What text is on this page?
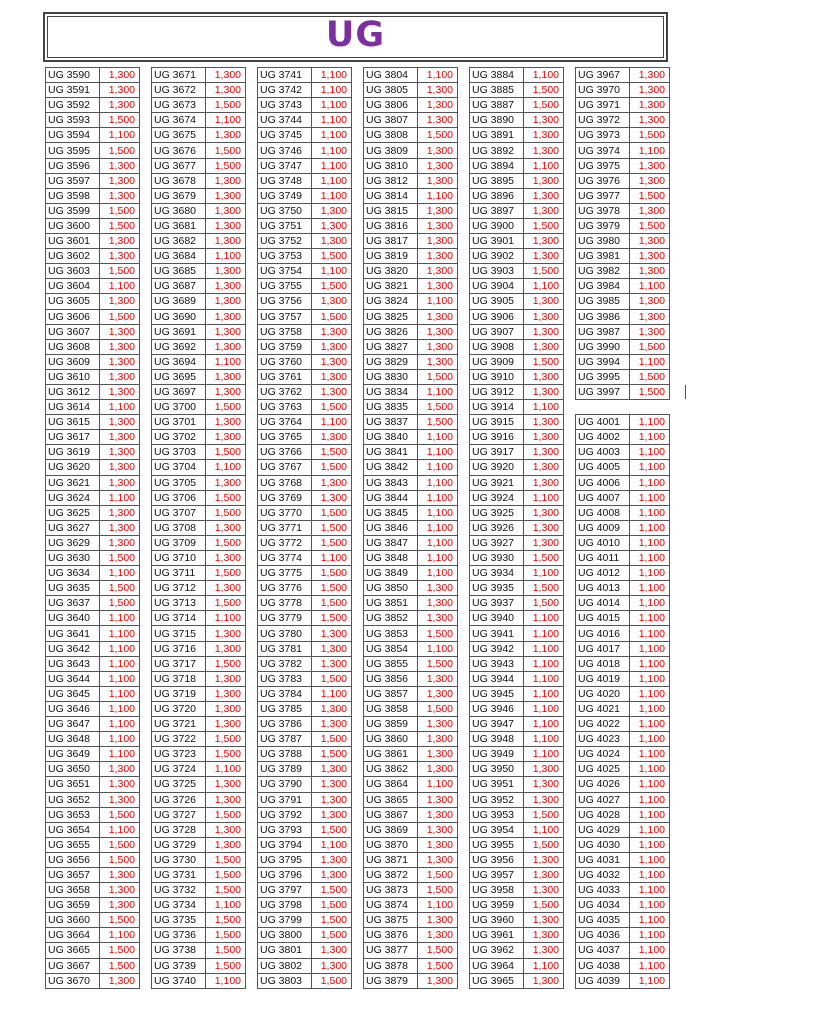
UG
UG 3590	1,300
UG 3591	1,300
UG 3592	1,300
UG 3593	1,500
UG 3594	1,100
UG 3595	1,500
UG 3596	1,300
UG 3597	1,300
UG 3598	1,300
UG 3599	1,500
UG 3600	1,500
UG 3601	1,300
UG 3602	1,300
UG 3603	1,500
UG 3604	1,100
UG 3605	1,300
UG 3606	1,500
UG 3607	1,300
UG 3608	1,300
UG 3609	1,300
UG 3610	1,300
UG 3612	1,300
UG 3614	1,100
UG 3615	1,300
UG 3617	1,300
UG 3619	1,300
UG 3620	1,300
UG 3621	1,300
UG 3624	1,100
UG 3625	1,300
UG 3627	1,300
UG 3629	1,300
UG 3630	1,500
UG 3634	1,100
UG 3635	1,500
UG 3637	1,500
UG 3640	1,100
UG 3641	1,100
UG 3642	1,100
UG 3643	1,100
UG 3644	1,100
UG 3645	1,100
UG 3646	1,100
UG 3647	1,100
UG 3648	1,100
UG 3649	1,100
UG 3650	1,300
UG 3651	1,300
UG 3652	1,300
UG 3653	1,500
UG 3654	1,100
UG 3655	1,500
UG 3656	1,500
UG 3657	1,300
UG 3658	1,300
UG 3659	1,300
UG 3660	1,500
UG 3664	1,100
UG 3665	1,500
UG 3667	1,500
UG 3670	1,300
UG 3671	1,300
UG 3672	1,300
UG 3673	1,500
UG 3674	1,100
UG 3675	1,300
UG 3676	1,500
UG 3677	1,500
UG 3678	1,300
UG 3679	1,300
UG 3680	1,300
UG 3681	1,300
UG 3682	1,300
UG 3684	1,100
UG 3685	1,300
UG 3687	1,300
UG 3689	1,300
UG 3690	1,300
UG 3691	1,300
UG 3692	1,300
UG 3694	1,100
UG 3695	1,300
UG 3697	1,300
UG 3700	1,500
UG 3701	1,300
UG 3702	1,300
UG 3703	1,500
UG 3704	1,100
UG 3705	1,300
UG 3706	1,500
UG 3707	1,500
UG 3708	1,300
UG 3709	1,500
UG 3710	1,300
UG 3711	1,500
UG 3712	1,300
UG 3713	1,500
UG 3714	1,100
UG 3715	1,300
UG 3716	1,300
UG 3717	1,500
UG 3718	1,300
UG 3719	1,300
UG 3720	1,300
UG 3721	1,300
UG 3722	1,500
UG 3723	1,500
UG 3724	1,100
UG 3725	1,300
UG 3726	1,300
UG 3727	1,500
UG 3728	1,300
UG 3729	1,300
UG 3730	1,500
UG 3731	1,500
UG 3732	1,500
UG 3734	1,100
UG 3735	1,500
UG 3736	1,500
UG 3738	1,500
UG 3739	1,500
UG 3740	1,100
UG 3741	1,100
UG 3742	1,100
UG 3743	1,100
UG 3744	1,100
UG 3745	1,100
UG 3746	1,100
UG 3747	1,100
UG 3748	1,100
UG 3749	1,100
UG 3750	1,300
UG 3751	1,300
UG 3752	1,300
UG 3753	1,500
UG 3754	1,100
UG 3755	1,500
UG 3756	1,300
UG 3757	1,500
UG 3758	1,300
UG 3759	1,300
UG 3760	1,300
UG 3761	1,300
UG 3762	1,300
UG 3763	1,500
UG 3764	1,100
UG 3765	1,300
UG 3766	1,500
UG 3767	1,500
UG 3768	1,300
UG 3769	1,300
UG 3770	1,500
UG 3771	1,500
UG 3772	1,500
UG 3774	1,100
UG 3775	1,500
UG 3776	1,500
UG 3778	1,500
UG 3779	1,500
UG 3780	1,300
UG 3781	1,300
UG 3782	1,300
UG 3783	1,500
UG 3784	1,100
UG 3785	1,300
UG 3786	1,300
UG 3787	1,500
UG 3788	1,500
UG 3789	1,300
UG 3790	1,300
UG 3791	1,300
UG 3792	1,300
UG 3793	1,500
UG 3794	1,100
UG 3795	1,300
UG 3796	1,300
UG 3797	1,500
UG 3798	1,500
UG 3799	1,500
UG 3800	1,500
UG 3801	1,300
UG 3802	1,300
UG 3803	1,500
UG 3804	1,100
UG 3805	1,300
UG 3806	1,300
UG 3807	1,300
UG 3808	1,500
UG 3809	1,300
UG 3810	1,300
UG 3812	1,300
UG 3814	1,100
UG 3815	1,300
UG 3816	1,300
UG 3817	1,300
UG 3819	1,300
UG 3820	1,300
UG 3821	1,300
UG 3824	1,100
UG 3825	1,300
UG 3826	1,300
UG 3827	1,300
UG 3829	1,300
UG 3830	1,500
UG 3834	1,100
UG 3835	1,500
UG 3837	1,500
UG 3840	1,100
UG 3841	1,100
UG 3842	1,100
UG 3843	1,100
UG 3844	1,100
UG 3845	1,100
UG 3846	1,100
UG 3847	1,100
UG 3848	1,100
UG 3849	1,100
UG 3850	1,300
UG 3851	1,300
UG 3852	1,300
UG 3853	1,500
UG 3854	1,100
UG 3855	1,500
UG 3856	1,300
UG 3857	1,300
UG 3858	1,500
UG 3859	1,300
UG 3860	1,300
UG 3861	1,300
UG 3862	1,300
UG 3864	1,100
UG 3865	1,300
UG 3867	1,300
UG 3869	1,300
UG 3870	1,300
UG 3871	1,300
UG 3872	1,500
UG 3873	1,500
UG 3874	1,100
UG 3875	1,300
UG 3876	1,300
UG 3877	1,500
UG 3878	1,500
UG 3879	1,300
UG 3884	1,100
UG 3885	1,500
UG 3887	1,500
UG 3890	1,300
UG 3891	1,300
UG 3892	1,300
UG 3894	1,100
UG 3895	1,300
UG 3896	1,300
UG 3897	1,300
UG 3900	1,500
UG 3901	1,300
UG 3902	1,300
UG 3903	1,500
UG 3904	1,100
UG 3905	1,300
UG 3906	1,300
UG 3907	1,300
UG 3908	1,300
UG 3909	1,500
UG 3910	1,300
UG 3912	1,300
UG 3914	1,100
UG 3915	1,300
UG 3916	1,300
UG 3917	1,300
UG 3920	1,300
UG 3921	1,300
UG 3924	1,100
UG 3925	1,300
UG 3926	1,300
UG 3927	1,300
UG 3930	1,500
UG 3934	1,100
UG 3935	1,500
UG 3937	1,500
UG 3940	1,100
UG 3941	1,100
UG 3942	1,100
UG 3943	1,100
UG 3944	1,100
UG 3945	1,100
UG 3946	1,100
UG 3947	1,100
UG 3948	1,100
UG 3949	1,100
UG 3950	1,300
UG 3951	1,300
UG 3952	1,300
UG 3953	1,500
UG 3954	1,100
UG 3955	1,500
UG 3956	1,300
UG 3957	1,300
UG 3958	1,300
UG 3959	1,500
UG 3960	1,300
UG 3961	1,300
UG 3962	1,300
UG 3964	1,100
UG 3965	1,300
UG 3967	1,300
UG 3970	1,300
UG 3971	1,300
UG 3972	1,300
UG 3973	1,500
UG 3974	1,100
UG 3975	1,300
UG 3976	1,300
UG 3977	1,500
UG 3978	1,300
UG 3979	1,500
UG 3980	1,300
UG 3981	1,300
UG 3982	1,300
UG 3984	1,100
UG 3985	1,300
UG 3986	1,300
UG 3987	1,300
UG 3990	1,500
UG 3994	1,100
UG 3995	1,500
UG 3997	1,500

UG 4001	1,100
UG 4002	1,100
UG 4003	1,100
UG 4005	1,100
UG 4006	1,100
UG 4007	1,100
UG 4008	1,100
UG 4009	1,100
UG 4010	1,100
UG 4011	1,100
UG 4012	1,100
UG 4013	1,100
UG 4014	1,100
UG 4015	1,100
UG 4016	1,100
UG 4017	1,100
UG 4018	1,100
UG 4019	1,100
UG 4020	1,100
UG 4021	1,100
UG 4022	1,100
UG 4023	1,100
UG 4024	1,100
UG 4025	1,100
UG 4026	1,100
UG 4027	1,100
UG 4028	1,100
UG 4029	1,100
UG 4030	1,100
UG 4031	1,100
UG 4032	1,100
UG 4033	1,100
UG 4034	1,100
UG 4035	1,100
UG 4036	1,100
UG 4037	1,100
UG 4038	1,100
UG 4039	1,100
